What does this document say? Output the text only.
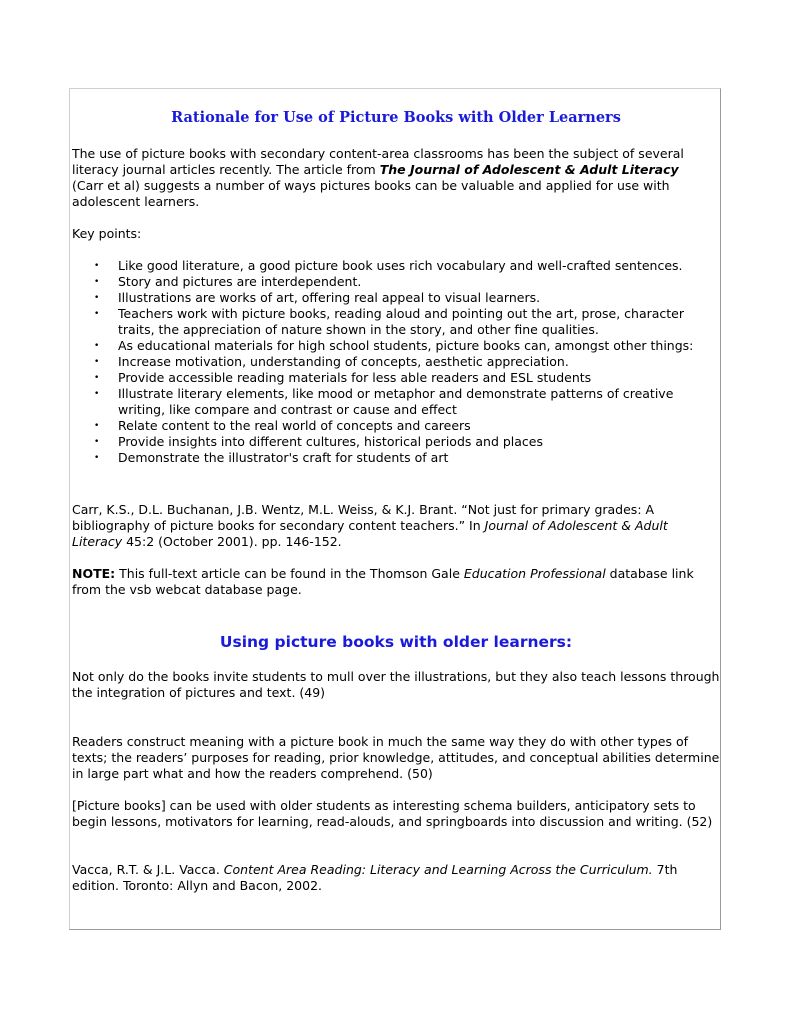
Rationale for Use of Picture Books with Older Learners

The use of picture books with secondary content-area classrooms has been the subject of several literacy journal articles recently. The article from The Journal of Adolescent & Adult Literacy
(Carr et al) suggests a number of ways pictures books can be valuable and applied for use with adolescent learners.

Key points:

• Like good literature, a good picture book uses rich vocabulary and well-crafted sentences.
• Story and pictures are interdependent.
• Illustrations are works of art, offering real appeal to visual learners.
• Teachers work with picture books, reading aloud and pointing out the art, prose, character traits, the appreciation of nature shown in the story, and other fine qualities.
• As educational materials for high school students, picture books can, amongst other things:
• Increase motivation, understanding of concepts, aesthetic appreciation.
• Provide accessible reading materials for less able readers and ESL students
• Illustrate literary elements, like mood or metaphor and demonstrate patterns of creative writing, like compare and contrast or cause and effect
• Relate content to the real world of concepts and careers
• Provide insights into different cultures, historical periods and places
• Demonstrate the illustrator's craft for students of art

Carr, K.S., D.L. Buchanan, J.B. Wentz, M.L. Weiss, & K.J. Brant. “Not just for primary grades: A bibliography of picture books for secondary content teachers.” In Journal of Adolescent & Adult Literacy 45:2 (October 2001). pp. 146-152.

NOTE: This full-text article can be found in the Thomson Gale Education Professional database link from the vsb webcat database page.

Using picture books with older learners:

Not only do the books invite students to mull over the illustrations, but they also teach lessons through the integration of pictures and text. (49)

Readers construct meaning with a picture book in much the same way they do with other types of texts; the readers’ purposes for reading, prior knowledge, attitudes, and conceptual abilities determine in large part what and how the readers comprehend. (50)

[Picture books] can be used with older students as interesting schema builders, anticipatory sets to begin lessons, motivators for learning, read-alouds, and springboards into discussion and writing. (52)

Vacca, R.T. & J.L. Vacca. Content Area Reading: Literacy and Learning Across the Curriculum. 7th edition. Toronto: Allyn and Bacon, 2002.
